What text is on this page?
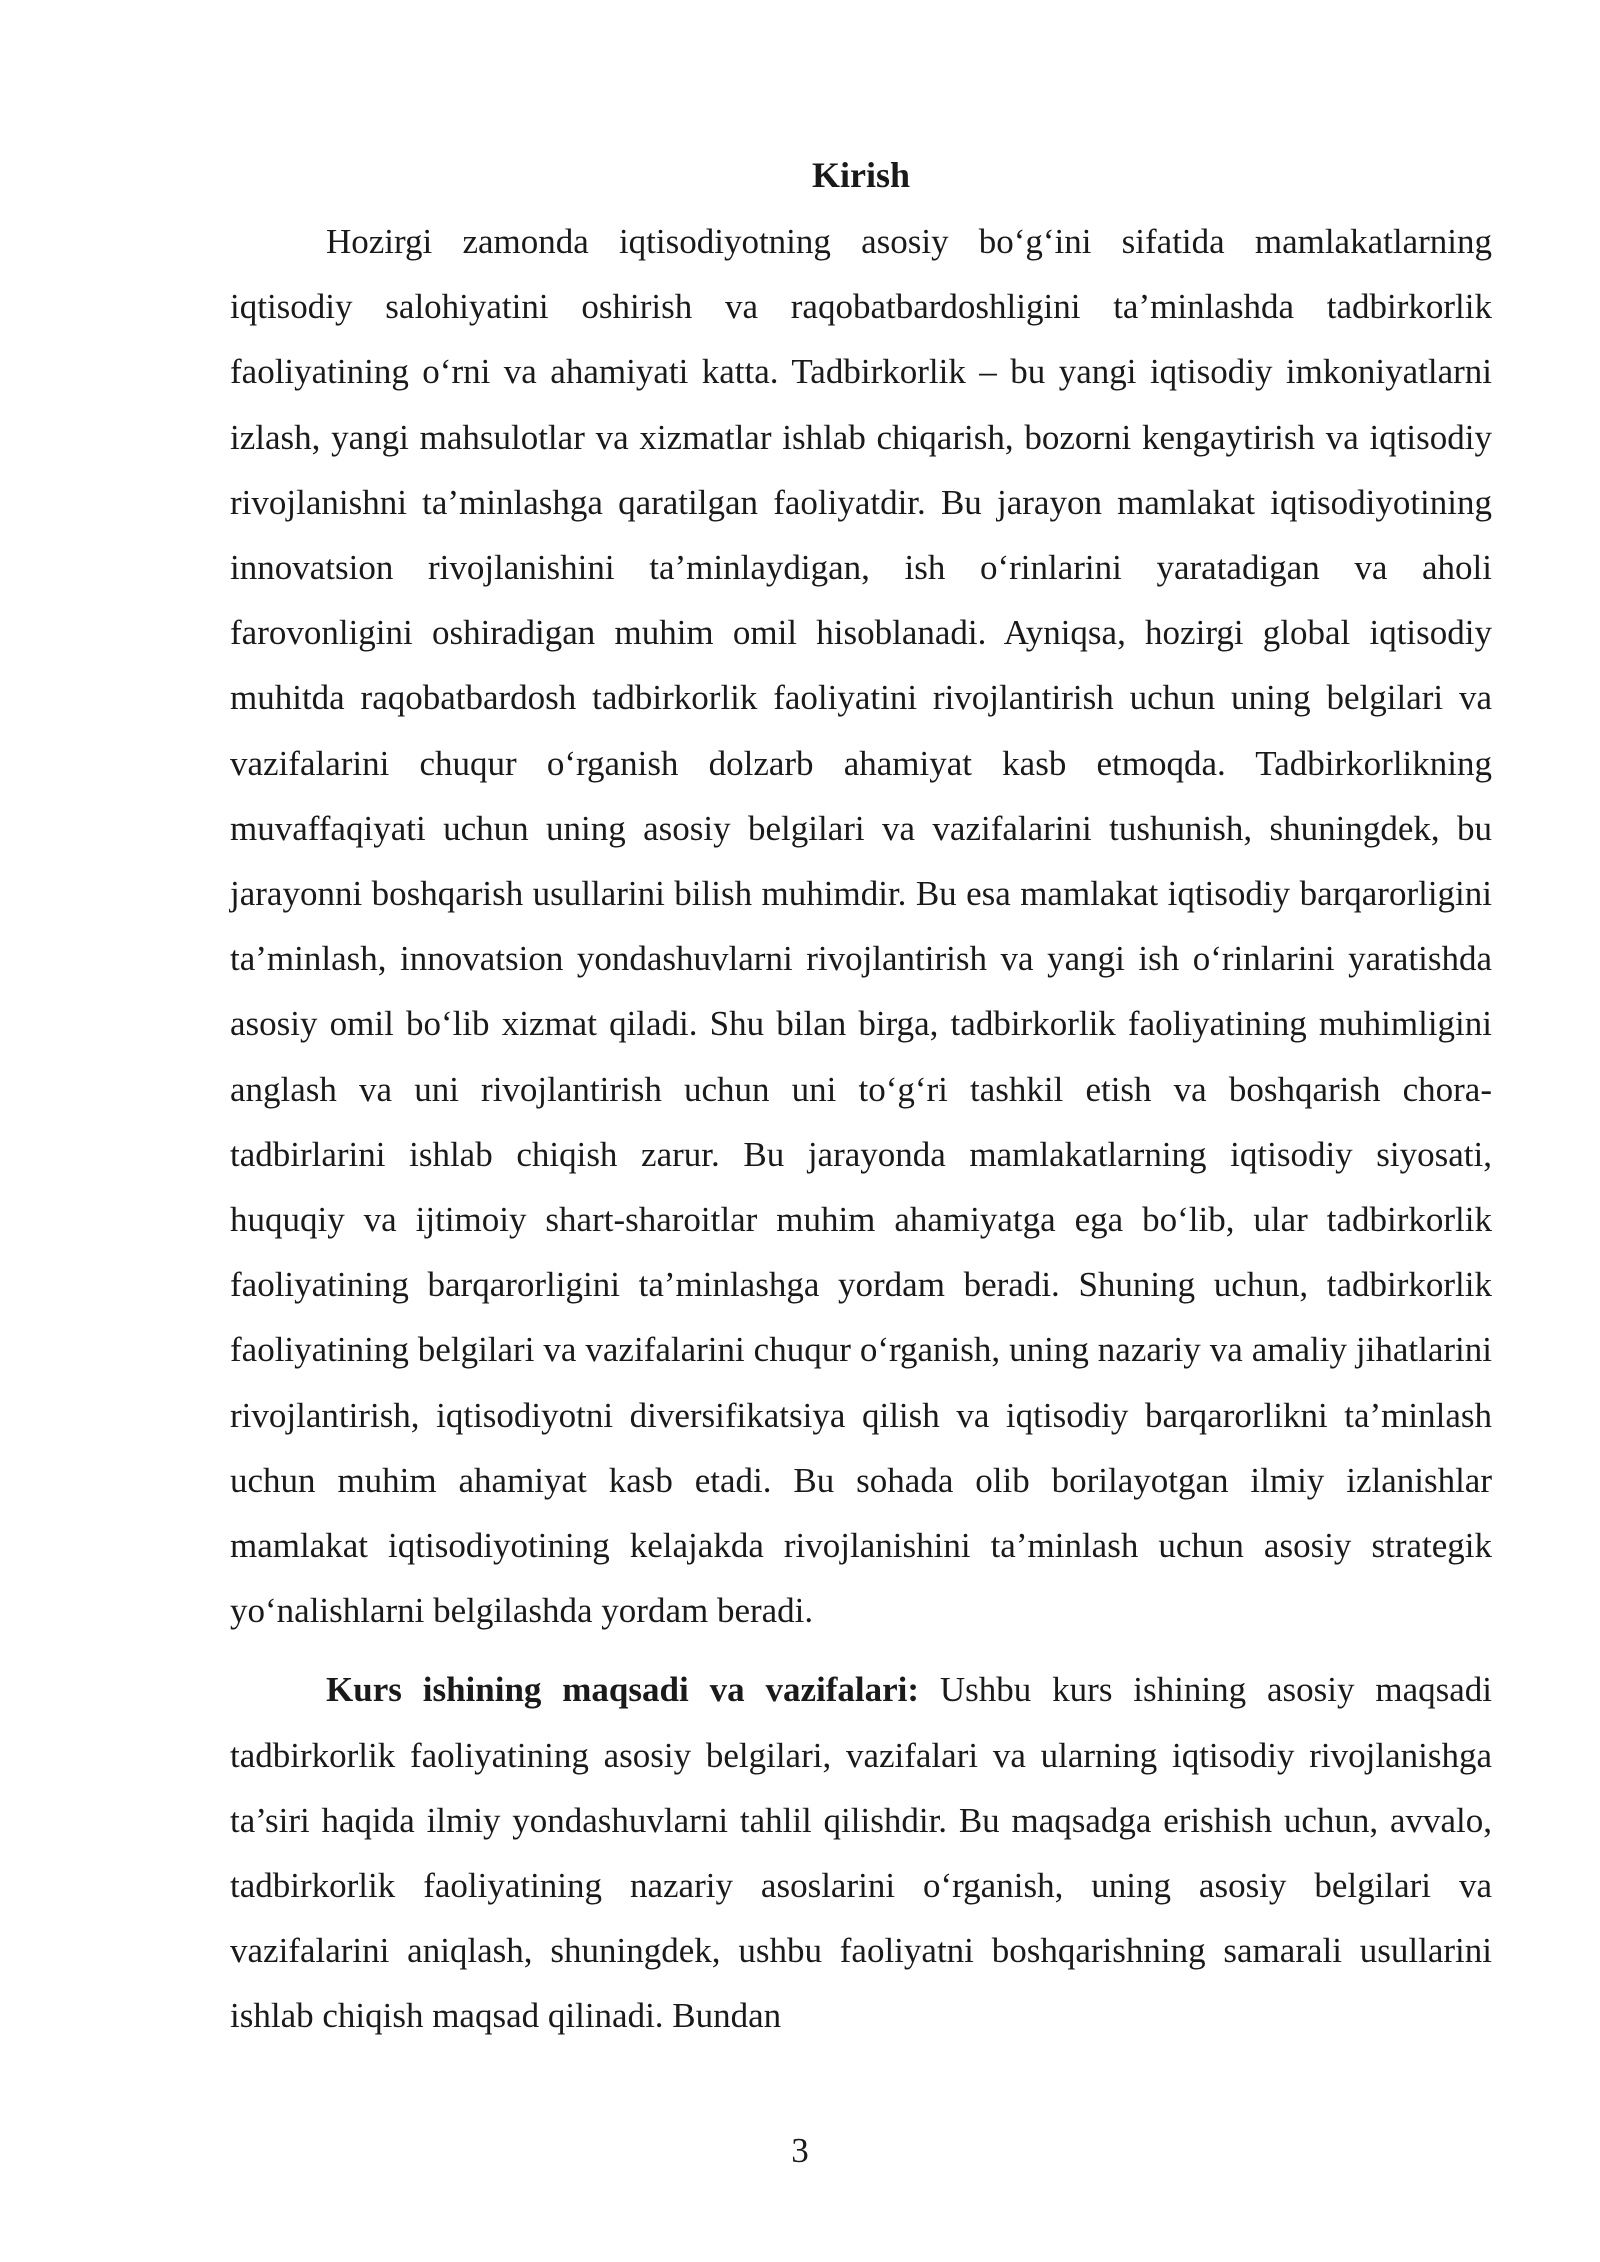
Kirish

Hozirgi zamonda iqtisodiyotning asosiy bo‘g‘ini sifatida mamlakatlarning iqtisodiy salohiyatini oshirish va raqobatbardoshligini ta’minlashda tadbirkorlik faoliyatining o‘rni va ahamiyati katta. Tadbirkorlik – bu yangi iqtisodiy imkoniyatlarni izlash, yangi mahsulotlar va xizmatlar ishlab chiqarish, bozorni kengaytirish va iqtisodiy rivojlanishni ta’minlashga qaratilgan faoliyatdir. Bu jarayon mamlakat iqtisodiyotining innovatsion rivojlanishini ta’minlaydigan, ish o‘rinlarini yaratadigan va aholi farovonligini oshiradigan muhim omil hisoblanadi. Ayniqsa, hozirgi global iqtisodiy muhitda raqobatbardosh tadbirkorlik faoliyatini rivojlantirish uchun uning belgilari va vazifalarini chuqur o‘rganish dolzarb ahamiyat kasb etmoqda. Tadbirkorlikning muvaffaqiyati uchun uning asosiy belgilari va vazifalarini tushunish, shuningdek, bu jarayonni boshqarish usullarini bilish muhimdir. Bu esa mamlakat iqtisodiy barqarorligini ta’minlash, innovatsion yondashuvlarni rivojlantirish va yangi ish o‘rinlarini yaratishda asosiy omil bo‘lib xizmat qiladi. Shu bilan birga, tadbirkorlik faoliyatining muhimligini anglash va uni rivojlantirish uchun uni to‘g‘ri tashkil etish va boshqarish chora-tadbirlarini ishlab chiqish zarur. Bu jarayonda mamlakatlarning iqtisodiy siyosati, huquqiy va ijtimoiy shart-sharoitlar muhim ahamiyatga ega bo‘lib, ular tadbirkorlik faoliyatining barqarorligini ta’minlashga yordam beradi. Shuning uchun, tadbirkorlik faoliyatining belgilari va vazifalarini chuqur o‘rganish, uning nazariy va amaliy jihatlarini rivojlantirish, iqtisodiyotni diversifikatsiya qilish va iqtisodiy barqarorlikni ta’minlash uchun muhim ahamiyat kasb etadi. Bu sohada olib borilayotgan ilmiy izlanishlar mamlakat iqtisodiyotining kelajakda rivojlanishini ta’minlash uchun asosiy strategik yo‘nalishlarni belgilashda yordam beradi.

Kurs ishining maqsadi va vazifalari: Ushbu kurs ishining asosiy maqsadi tadbirkorlik faoliyatining asosiy belgilari, vazifalari va ularning iqtisodiy rivojlanishga ta’siri haqida ilmiy yondashuvlarni tahlil qilishdir. Bu maqsadga erishish uchun, avvalo, tadbirkorlik faoliyatining nazariy asoslarini o‘rganish, uning asosiy belgilari va vazifalarini aniqlash, shuningdek, ushbu faoliyatni boshqarishning samarali usullarini ishlab chiqish maqsad qilinadi. Bundan

3
